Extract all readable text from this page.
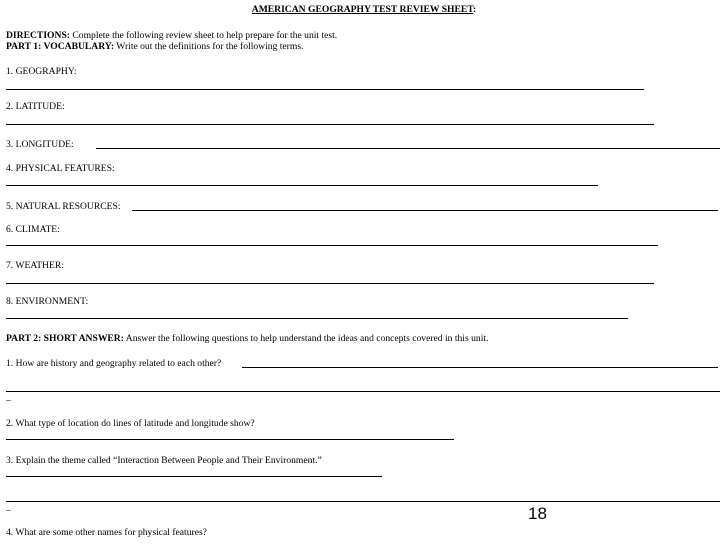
AMERICAN GEOGRAPHY TEST REVIEW SHEET:
DIRECTIONS: Complete the following review sheet to help prepare for the unit test.
PART 1: VOCABULARY: Write out the definitions for the following terms.
1. GEOGRAPHY:
2. LATITUDE:
3. LONGITUDE:
4. PHYSICAL FEATURES:
5. NATURAL RESOURCES:
6. CLIMATE:
7. WEATHER:
8. ENVIRONMENT:
PART 2: SHORT ANSWER: Answer the following questions to help understand the ideas and concepts covered in this unit.
1. How are history and geography related to each other?
–
2. What type of location do lines of latitude and longitude show?
3. Explain the theme called “Interaction Between People and Their Environment.”
–	18
4. What are some other names for physical features?
